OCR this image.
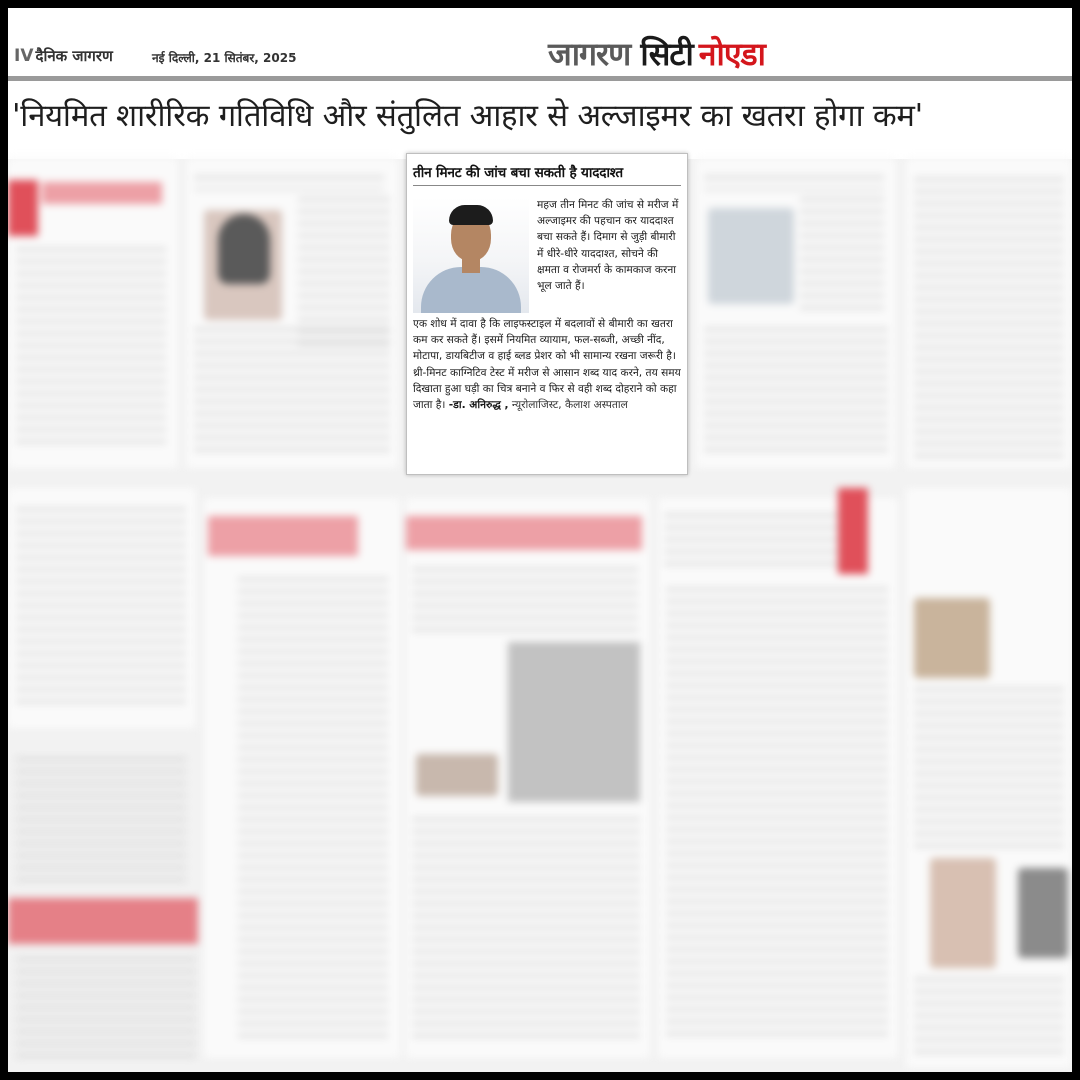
IV दैनिक जागरण	नई दिल्ली, 21 सितंबर, 2025	जागरण सिटी नोएडा
'नियमित शारीरिक गतिविधि और संतुलित आहार से अल्जाइमर का खतरा होगा कम'
तीन मिनट की जांच बचा सकती है याददाश्त

महज तीन मिनट की जांच से मरीज में अल्जाइमर की पहचान कर याददाश्त बचा सकते हैं। दिमाग से जुड़ी बीमारी में धीरे-धीरे याददाश्त, सोचने की क्षमता व रोजमर्रा के कामकाज करना भूल जाते हैं।

एक शोध में दावा है कि लाइफस्टाइल में बदलावों से बीमारी का खतरा कम कर सकते हैं। इसमें नियमित व्यायाम, फल-सब्जी, अच्छी नींद, मोटापा, डायबिटीज व हाई ब्लड प्रेशर को भी सामान्य रखना जरूरी है। थ्री-मिनट काग्निटिव टेस्ट में मरीज से आसान शब्द याद करने, तय समय दिखाता हुआ घड़ी का चित्र बनाने व फिर से वही शब्द दोहराने को कहा जाता है। -डा. अनिरुद्ध , न्यूरोलाजिस्ट, कैलाश अस्पताल
